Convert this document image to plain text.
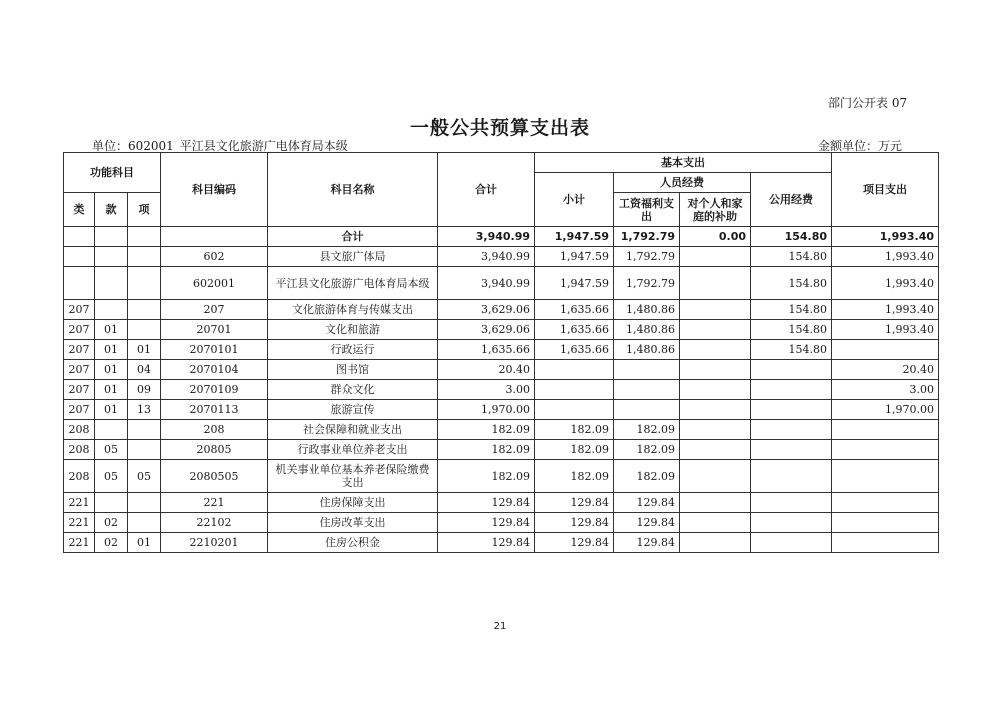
部门公开表 07
一般公共预算支出表
单位：602001_平江县文化旅游广电体育局本级	金额单位：万元
功能科目			科目编码	科目名称	合计	基本支出				项目支出
						小计	人员经费		公用经费	
类	款	项					工资福利支出	对个人和家庭的补助		

				合计	3,940.99	1,947.59	1,792.79	0.00	154.80	1,993.40
			602	县文旅广体局	3,940.99	1,947.59	1,792.79		154.80	1,993.40
			602001	平江县文化旅游广电体育局本级	3,940.99	1,947.59	1,792.79		154.80	1,993.40
207			207	文化旅游体育与传媒支出	3,629.06	1,635.66	1,480.86		154.80	1,993.40
207	01		20701	文化和旅游	3,629.06	1,635.66	1,480.86		154.80	1,993.40
207	01	01	2070101	行政运行	1,635.66	1,635.66	1,480.86		154.80	
207	01	04	2070104	图书馆	20.40					20.40
207	01	09	2070109	群众文化	3.00					3.00
207	01	13	2070113	旅游宣传	1,970.00					1,970.00
208			208	社会保障和就业支出	182.09	182.09	182.09			
208	05		20805	行政事业单位养老支出	182.09	182.09	182.09			
208	05	05	2080505	机关事业单位基本养老保险缴费支出	182.09	182.09	182.09			
221			221	住房保障支出	129.84	129.84	129.84			
221	02		22102	住房改革支出	129.84	129.84	129.84			
221	02	01	2210201	住房公积金	129.84	129.84	129.84			
21
